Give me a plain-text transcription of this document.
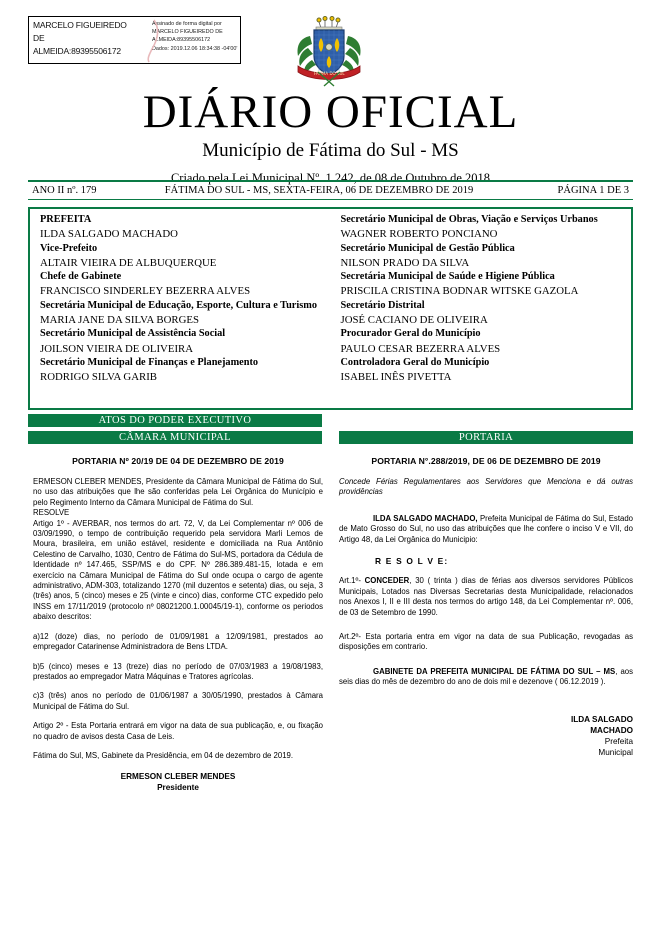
MARCELO FIGUEIREDO
DE
ALMEIDA:89395506172
Assinado de forma digital por
MARCELO FIGUEIREDO DE
ALMEIDA:89395506172
Dados: 2019.12.06 18:34:38 -04'00'
FÁTIMA DO SUL
DIÁRIO OFICIAL
Município de Fátima do Sul - MS
Criado pela Lei Municipal Nº. 1.242, de 08 de Outubro de 2018
ANO II nº. 179	FÁTIMA DO SUL - MS, SEXTA-FEIRA, 06 DE DEZEMBRO DE 2019	PÁGINA 1 DE 3
PREFEITA
ILDA SALGADO MACHADO
Vice-Prefeito
ALTAIR VIEIRA DE ALBUQUERQUE
Chefe de Gabinete
FRANCISCO SINDERLEY BEZERRA ALVES
Secretária Municipal de Educação, Esporte, Cultura e Turismo
MARIA JANE DA SILVA BORGES
Secretário Municipal de Assistência Social
JOILSON VIEIRA DE OLIVEIRA
Secretário Municipal de Finanças e Planejamento
RODRIGO SILVA GARIB
Secretário Municipal de Obras, Viação e Serviços Urbanos
WAGNER ROBERTO PONCIANO
Secretário Municipal de Gestão Pública
NILSON PRADO DA SILVA
Secretária Municipal de Saúde e Higiene Pública
PRISCILA CRISTINA BODNAR WITSKE GAZOLA
Secretário Distrital
JOSÉ CACIANO DE OLIVEIRA
Procurador Geral do Município
PAULO CESAR BEZERRA ALVES
Controladora Geral do Município
ISABEL INÊS PIVETTA
ATOS DO PODER EXECUTIVO
CÂMARA MUNICIPAL	PORTARIA
PORTARIA Nº 20/19 DE 04 DE DEZEMBRO DE 2019
ERMESON CLEBER MENDES, Presidente da Câmara Municipal de Fátima do Sul, no uso das atribuições que lhe são conferidas pela Lei Orgânica do Município e pelo Regimento Interno da Câmara Municipal de Fátima do Sul.
RESOLVE
Artigo 1º - AVERBAR, nos termos do art. 72, V, da Lei Complementar nº 006 de 03/09/1990, o tempo de contribuição requerido pela servidora Marli Lemos de Moura, brasileira, em união estável, residente e domiciliada na Rua Antônio Celestino de Carvalho, 1030, Centro de Fátima do Sul-MS, portadora da Cédula de Identidade nº 147.465, SSP/MS e do CPF. Nº 286.389.481-15, lotada e em exercício na Câmara Municipal de Fátima do Sul onde ocupa o cargo de agente administrativo, ADM-303, totalizando 1270 (mil duzentos e setenta) dias, ou seja, 3 (três) anos, 5 (cinco) meses e 25 (vinte e cinco) dias, conforme CTC expedido pelo INSS em 17/11/2019 (protocolo nº 08021200.1.00045/19-1), conforme os periodos abaixo descritos:
a)12 (doze) dias, no período de 01/09/1981 a 12/09/1981, prestados ao empregador Catarinense Administradora de Bens LTDA.
b)5 (cinco) meses e 13 (treze) dias no período de 07/03/1983 a 19/08/1983, prestados ao empregador Matra Máquinas e Tratores agrícolas.
c)3 (três) anos no período de 01/06/1987 a 30/05/1990, prestados à Câmara Municipal de Fátima do Sul.
Artigo 2º - Esta Portaria entrará em vigor na data de sua publicação, e, ou fixação no quadro de avisos desta Casa de Leis.
Fátima do Sul, MS, Gabinete da Presidência, em 04 de dezembro de 2019.
ERMESON CLEBER MENDES
Presidente
PORTARIA N°.288/2019, DE 06 DE DEZEMBRO DE 2019
Concede Férias Regulamentares aos Servidores que Menciona e dá outras providências
ILDA SALGADO MACHADO, Prefeita Municipal de Fátima do Sul, Estado de Mato Grosso do Sul, no uso das atribuições que lhe confere o inciso V e VII, do Artigo 48, da Lei Orgânica do Municipio:
R E S O L V E:
Art.1º- CONCEDER, 30 ( trinta ) dias de férias aos diversos servidores Públicos Municipais, Lotados nas Diversas Secretarias desta Municipalidade, relacionados nos Anexos I, II e III desta nos termos do artigo 148, da Lei Complementar nº. 006, de 03 de Setembro de 1990.
Art.2º- Esta portaria entra em vigor na data de sua Publicação, revogadas as disposições em contrario.
GABINETE DA PREFEITA MUNICIPAL DE FÁTIMA DO SUL – MS, aos seis dias do mês de dezembro do ano de dois mil e dezenove ( 06.12.2019 ).
ILDA SALGADO
MACHADO
Prefeita
Municipal
